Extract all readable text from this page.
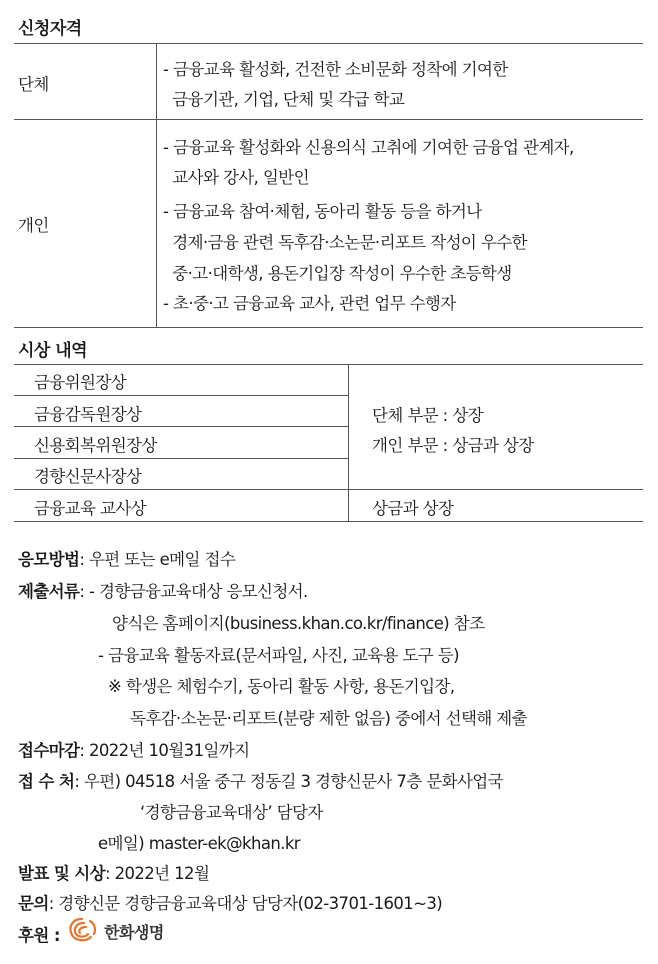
신청자격
단체
- 금융교육 활성화, 건전한 소비문화 정착에 기여한
금융기관, 기업, 단체 및 각급 학교
개인
- 금융교육 활성화와 신용의식 고취에 기여한 금융업 관계자,
교사와 강사, 일반인
- 금융교육 참여·체험, 동아리 활동 등을 하거나
경제·금융 관련 독후감·소논문·리포트 작성이 우수한
중·고·대학생, 용돈기입장 작성이 우수한 초등학생
- 초·중·고 금융교육 교사, 관련 업무 수행자
시상 내역
금융위원장상
금융감독원장상
신용회복위원장상
경향신문사장상
금융교육 교사상
단체 부문 : 상장
개인 부문 : 상금과 상장
상금과 상장
응모방법: 우편 또는 e메일 접수
제출서류: - 경향금융교육대상 응모신청서.
양식은 홈페이지(business.khan.co.kr/finance) 참조
- 금융교육 활동자료(문서파일, 사진, 교육용 도구 등)
※ 학생은 체험수기, 동아리 활동 사항, 용돈기입장,
독후감·소논문·리포트(분량 제한 없음) 중에서 선택해 제출
접수마감: 2022년 10월31일까지
접 수 처: 우편) 04518 서울 중구 정동길 3 경향신문사 7층 문화사업국
‘경향금융교육대상’ 담당자
e메일) master-ek@khan.kr
발표 및 시상: 2022년 12월
문의: 경향신문 경향금융교육대상 담당자(02-3701-1601~3)
후원 :	한화생명
